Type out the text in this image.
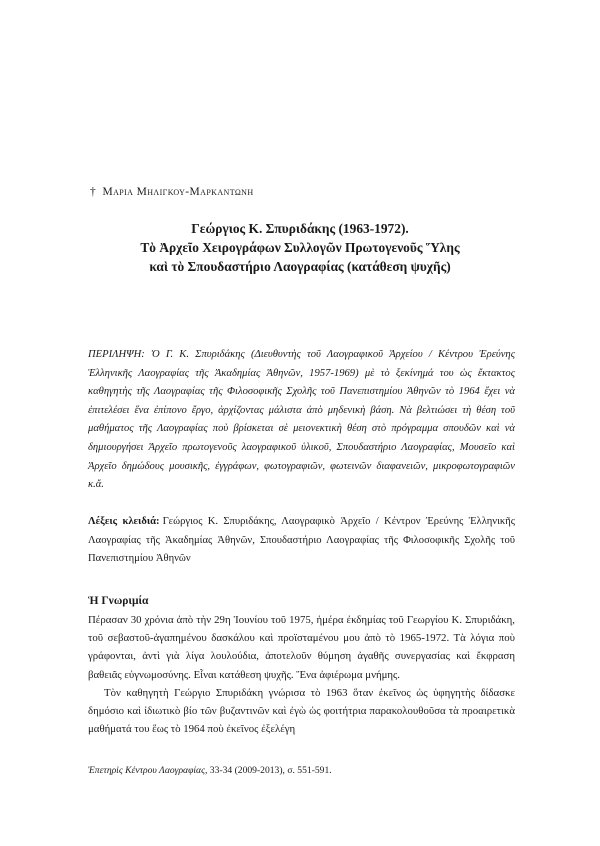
† Μαρια Μηλιγκου-Μαρκαντωνη
Γεώργιος Κ. Σπυριδάκης (1963-1972).
Τὸ Ἀρχεῖο Χειρογράφων Συλλογῶν Πρωτογενοῦς Ὕλης
καὶ τὸ Σπουδαστήριο Λαογραφίας (κατάθεση ψυχῆς)
ΠΕΡΙΛΗΨΗ: Ὁ Γ. Κ. Σπυριδάκης (Διευθυντὴς τοῦ Λαογραφικοῦ Ἀρχείου / Κέντρου Ἐρεύνης Ἑλληνικῆς Λαογραφίας τῆς Ἀκαδημίας Ἀθηνῶν, 1957-1969) μὲ τὸ ξεκίνημά του ὡς ἔκτακτος καθηγητὴς τῆς Λαογραφίας τῆς Φιλοσοφικῆς Σχολῆς τοῦ Πανεπιστημίου Ἀθηνῶν τὸ 1964 ἔχει νὰ ἐπιτελέσει ἕνα ἐπίπονο ἔργο, ἀρχίζοντας μάλιστα ἀπὸ μηδενικὴ βάση. Νὰ βελτιώσει τὴ θέση τοῦ μαθήματος τῆς Λαογραφίας ποὺ βρίσκεται σὲ μειονεκτικὴ θέση στὸ πρόγραμμα σπουδῶν καὶ νὰ δημιουργήσει Ἀρχεῖο πρωτογενοῦς λαογραφικοῦ ὑλικοῦ, Σπουδαστήριο Λαογραφίας, Μουσεῖο καὶ Ἀρχεῖο δημώδους μουσικῆς, ἐγγράφων, φωτογραφιῶν, φωτεινῶν διαφανειῶν, μικροφωτογραφιῶν κ.ἄ.
Λέξεις κλειδιά: Γεώργιος Κ. Σπυριδάκης, Λαογραφικὸ Ἀρχεῖο / Κέντρον Ἐρεύνης Ἑλληνικῆς Λαογραφίας τῆς Ἀκαδημίας Ἀθηνῶν, Σπουδαστήριο Λαογραφίας τῆς Φιλοσοφικῆς Σχολῆς τοῦ Πανεπιστημίου Ἀθηνῶν
Ἡ Γνωριμία

Πέρασαν 30 χρόνια ἀπὸ τὴν 29η Ἰουνίου τοῦ 1975, ἡμέρα ἐκδημίας τοῦ Γεωργίου Κ. Σπυριδάκη, τοῦ σεβαστοῦ-ἀγαπημένου δασκάλου καὶ προϊσταμένου μου ἀπὸ τὸ 1965-1972. Τὰ λόγια ποὺ γράφονται, ἀντὶ γιὰ λίγα λουλούδια, ἀποτελοῦν θύμηση ἀγαθῆς συνεργασίας καὶ ἔκφραση βαθειᾶς εὐγνωμοσύνης. Εἶναι κατάθεση ψυχῆς. Ἕνα ἀφιέρωμα μνήμης.

Τὸν καθηγητὴ Γεώργιο Σπυριδάκη γνώρισα τὸ 1963 ὅταν ἐκεῖνος ὡς ὑφηγητὴς δίδασκε δημόσιο καὶ ἰδιωτικὸ βίο τῶν βυζαντινῶν καὶ ἐγὼ ὡς φοιτήτρια παρακολουθοῦσα τὰ προαιρετικὰ μαθήματά του ἕως τὸ 1964 ποὺ ἐκεῖνος ἐξελέγη

Ἐπετηρὶς Κέντρου Λαογραφίας, 33-34 (2009-2013), σ. 551-591.
